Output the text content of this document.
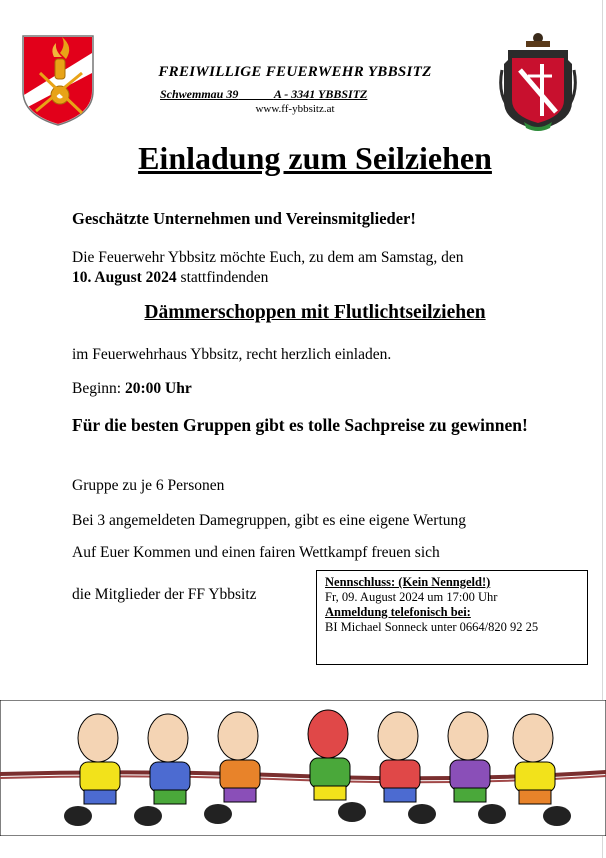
FREIWILLIGE FEUERWEHR YBBSITZ
Schwemmau 39	A - 3341 YBBSITZ
www.ff-ybbsitz.at
Einladung zum Seilziehen
Geschätzte Unternehmen und Vereinsmitglieder!
Die Feuerwehr Ybbsitz möchte Euch, zu dem am Samstag, den
10. August 2024 stattfindenden
Dämmerschoppen mit Flutlichtseilziehen
im Feuerwehrhaus Ybbsitz, recht herzlich einladen.
Beginn: 20:00 Uhr
Für die besten Gruppen gibt es tolle Sachpreise zu gewinnen!
Gruppe zu je 6 Personen
Bei 3 angemeldeten Damegruppen, gibt es eine eigene Wertung
Auf Euer Kommen und einen fairen Wettkampf freuen sich
die Mitglieder der FF Ybbsitz
Nennschluss: (Kein Nenngeld!)
Fr, 09. August 2024 um 17:00 Uhr
Anmeldung telefonisch bei:
BI Michael Sonneck unter 0664/820 92 25
